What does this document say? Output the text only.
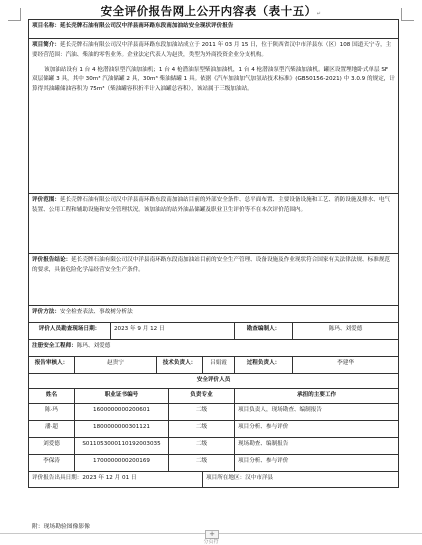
安全评价报告网上公开内容表（表十五）↵
项目名称：延长壳牌石油有限公司汉中洋县南环路东段南加油站安全现状评价报告							

项目简介：延长壳牌石油有限公司汉中洋县南环路东段加油站成立于 2011 年 03 月 15 日，位于陕西省汉中市洋县东（区）108 国道天宁寺，主要经营范围：汽油、柴油的零售业务。企业法定代表人为赵贵，类型为外商投资企业分支机构。
该加油站设有 1 台 4 枪潜油泵型汽油加油机；1 台 4 枪潜油泵型柴油加油机，1 台 4 枪潜油泵型汽柴油加油机。罐区设置埋地卧式单层 SF 双层储罐 3 具，其中 30m³ 汽油储罐 2 具，30m³ 柴油储罐 1 具。依据《汽车加油加气加氢站技术标准》(GB50156-2021) 中 3.0.9 的规定，计算得其油罐储油容积为 75m³（柴油罐容积折半计入油罐总容积），该站属于三级加油站。							

评价范围：延长壳牌石油有限公司汉中洋县南环路东段南加油站目前的外部安全条件、总平面布置、主要设备设施和工艺、消防设施及排水、电气装置、公用工程和辅助设施和安全管理状况。该加油站的站外油品储罐及职业卫生评价等不在本次评价范围内。							
评价报告结论：延长壳牌石油有限公司汉中洋县南环路东段南加油站目前的安全生产管理、设备设施及作业现状符合国家有关法律法规、标准规范的要求，具备危险化学品经营安全生产条件。							
评价方法：安全检查表法、事故树分析法							
评价人员勘查现场日期：		2023 年 9 月 12 日				勘查编制人：	陈玛、刘爱德
注册安全工程师：陈玛、刘爱德							
报告审核人：	赵贵宁		技术负责人：		吕娟霞	过程负责人：	李建华
安全评价人员							
姓名	职业证书编号			负责专业		承担的主要工作	
陈·玛	1600000000200601			二级		项目负责人，现场勘查、编制报告	
潘·超	1800000000301121			二级		项目分析、参与评价	
刘爱德	S011053000110192003035			二级		现场勘查、编制报告	
李保涛	1700000000200169			二级		项目分析、参与评价	
评价报告出具日期：2023 年 12 月 01 日					项目所在地区：汉中市洋县		
附：现场勘验图像影像
+
分页符
